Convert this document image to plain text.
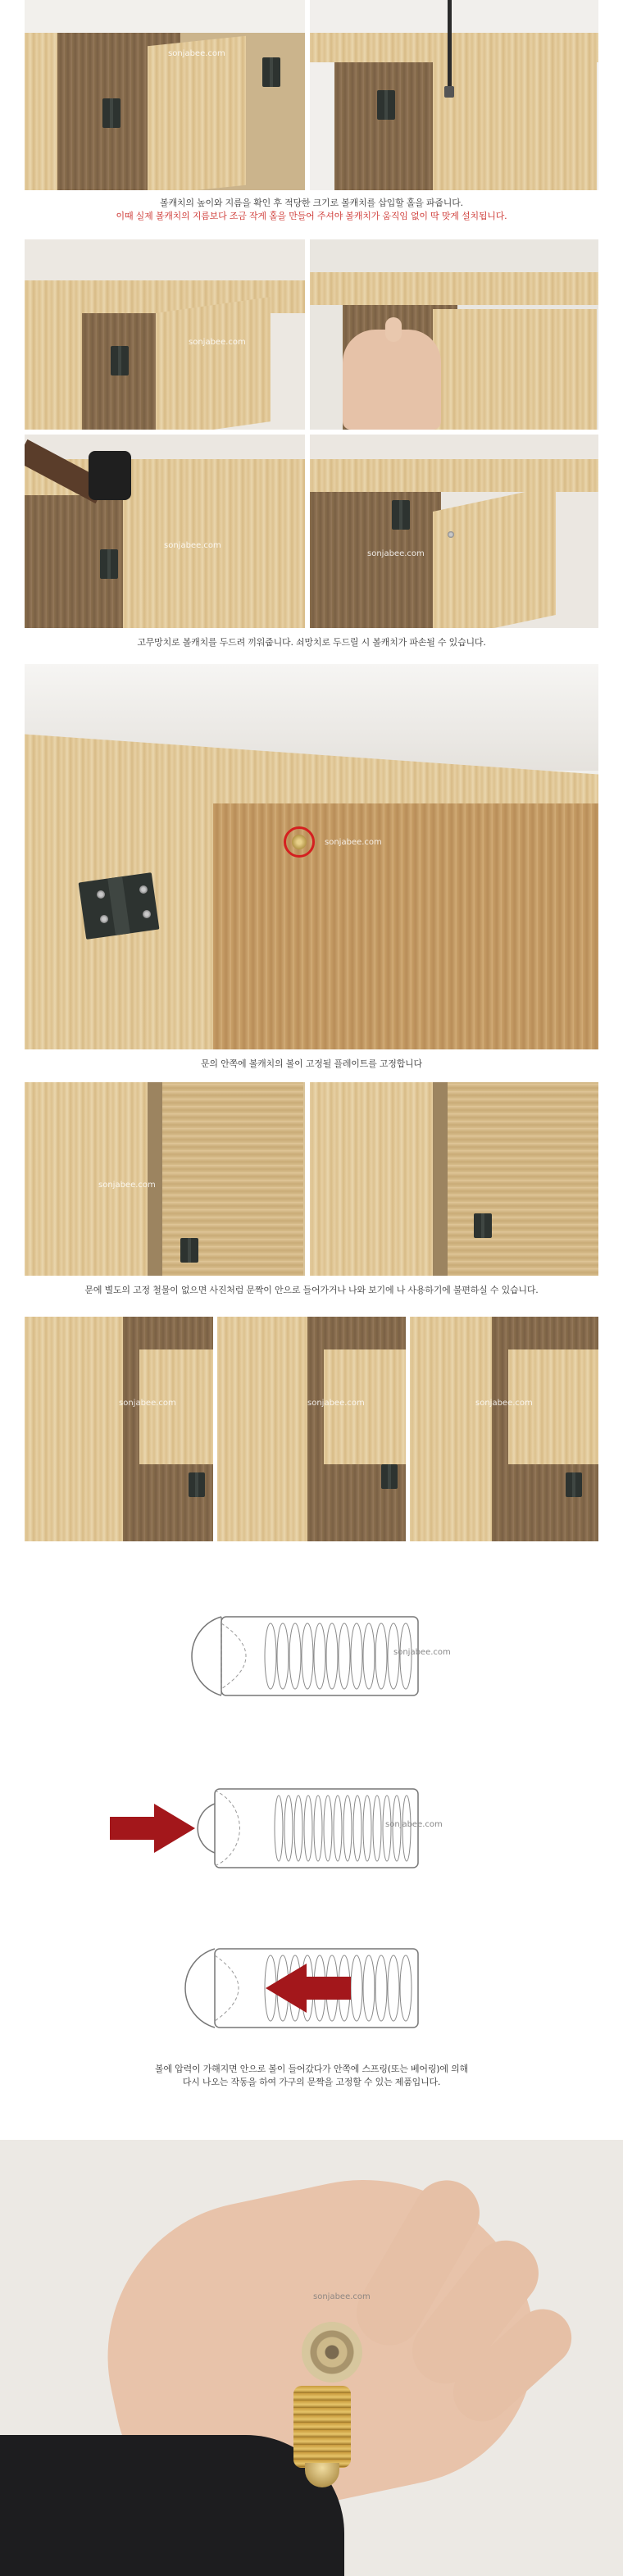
sonjabee.com
볼캐치의 높이와 지름을 확인 후 적당한 크기로 볼캐치를 삽입할 홀을 파줍니다.
이때 실제 볼캐치의 지름보다 조금 작게 홀을 만들어 주셔야 볼캐치가 움직임 없이 딱 맞게 설치됩니다.
sonjabee.com
sonjabee.com
sonjabee.com
고무망치로 볼캐치를 두드려 끼워줍니다. 쇠망치로 두드릴 시 볼캐치가 파손될 수 있습니다.
sonjabee.com
문의 안쪽에 볼캐치의 볼이 고정될 플레이트를 고정합니다
sonjabee.com
문에 별도의 고정 철물이 없으면 사진처럼 문짝이 안으로 들어가거나 나와 보기에 나 사용하기에 불편하실 수 있습니다.
sonjabee.com	sonjabee.com	sonjabee.com
sonjabee.com
sonjabee.com
볼에 압력이 가해지면 안으로 볼이 들어갔다가 안쪽에 스프링(또는 베어링)에 의해
다시 나오는 작동을 하여 가구의 문짝을 고정할 수 있는 제품입니다.
sonjabee.com
